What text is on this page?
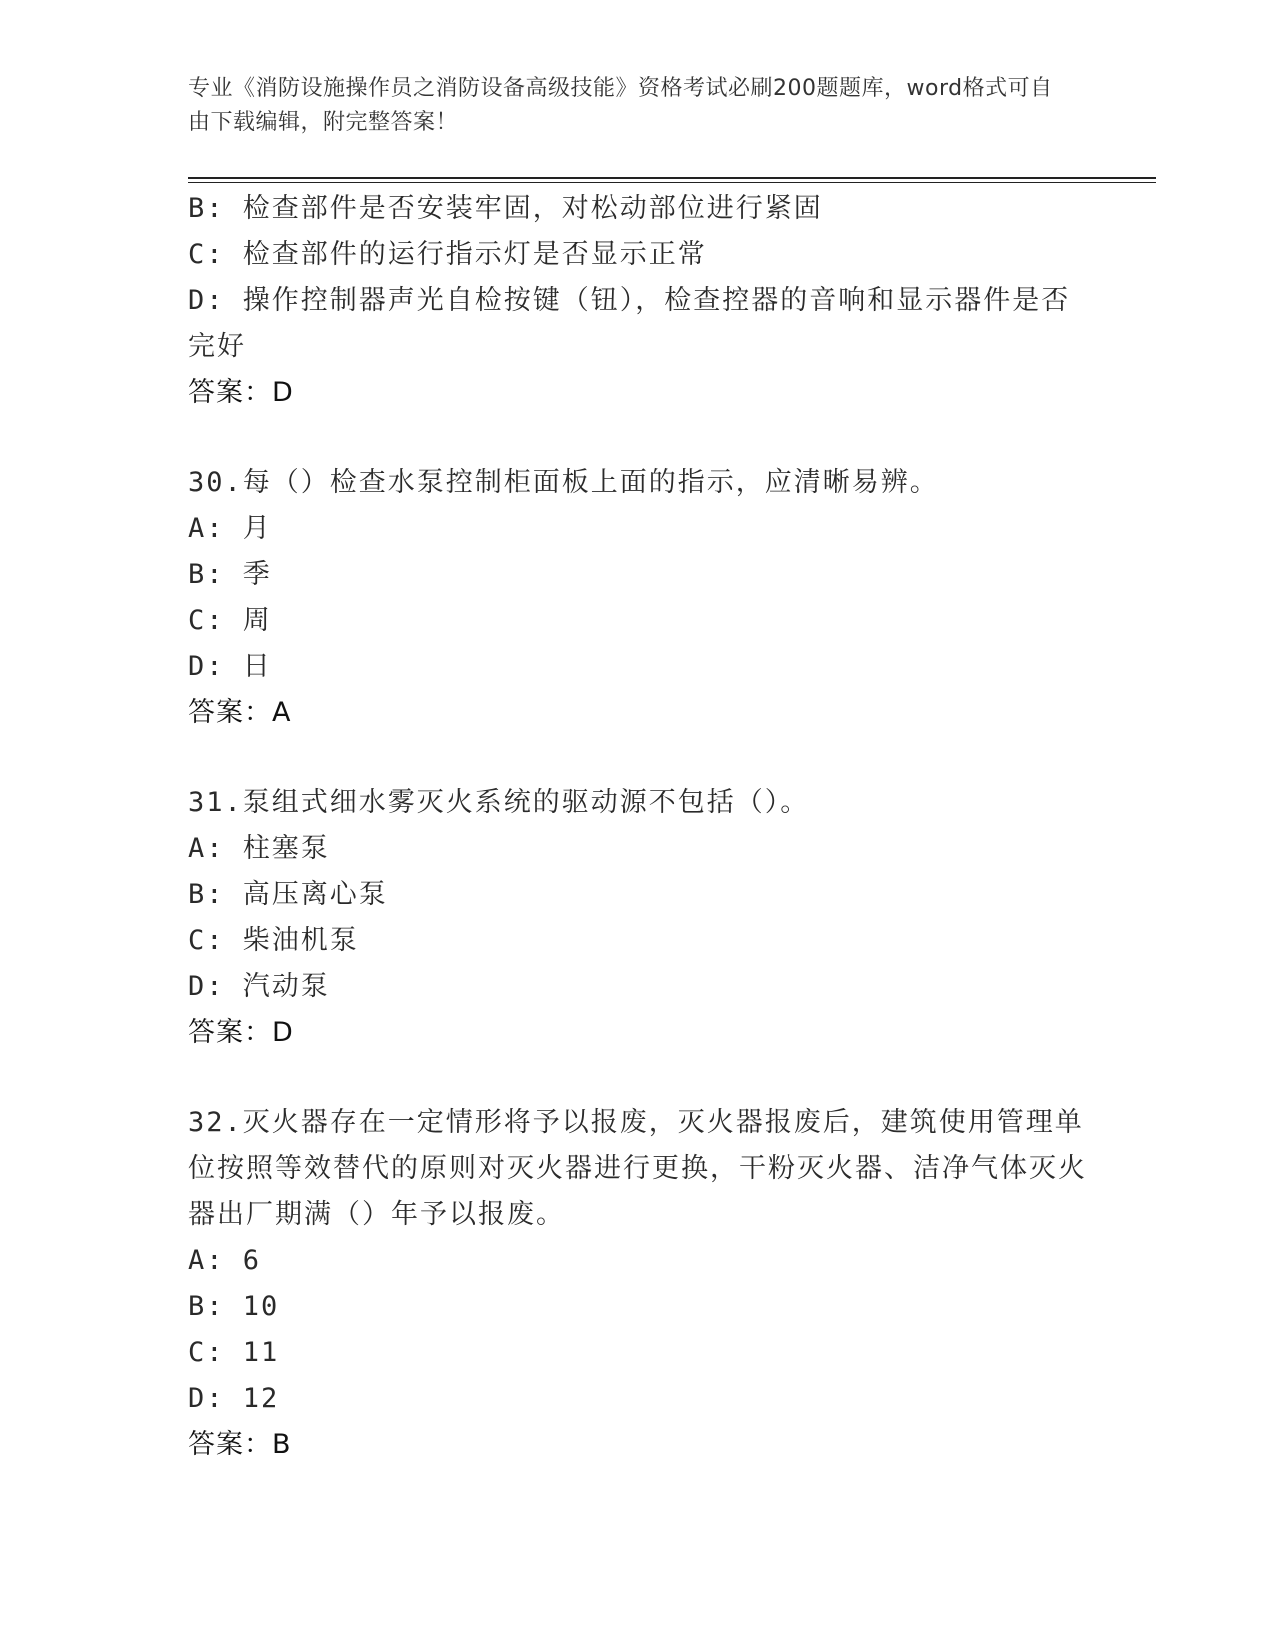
专业《消防设施操作员之消防设备高级技能》资格考试必刷200题题库，word格式可自由下载编辑，附完整答案！
B: 检查部件是否安装牢固，对松动部位进行紧固
C: 检查部件的运行指示灯是否显示正常
D: 操作控制器声光自检按键（钮），检查控器的音响和显示器件是否完好
答案：D
30.每（）检查水泵控制柜面板上面的指示，应清晰易辨。
A: 月
B: 季
C: 周
D: 日
答案：A
31.泵组式细水雾灭火系统的驱动源不包括（）。
A: 柱塞泵
B: 高压离心泵
C: 柴油机泵
D: 汽动泵
答案：D
32.灭火器存在一定情形将予以报废，灭火器报废后，建筑使用管理单位按照等效替代的原则对灭火器进行更换，干粉灭火器、洁净气体灭火器出厂期满（）年予以报废。
A: 6
B: 10
C: 11
D: 12
答案：B
